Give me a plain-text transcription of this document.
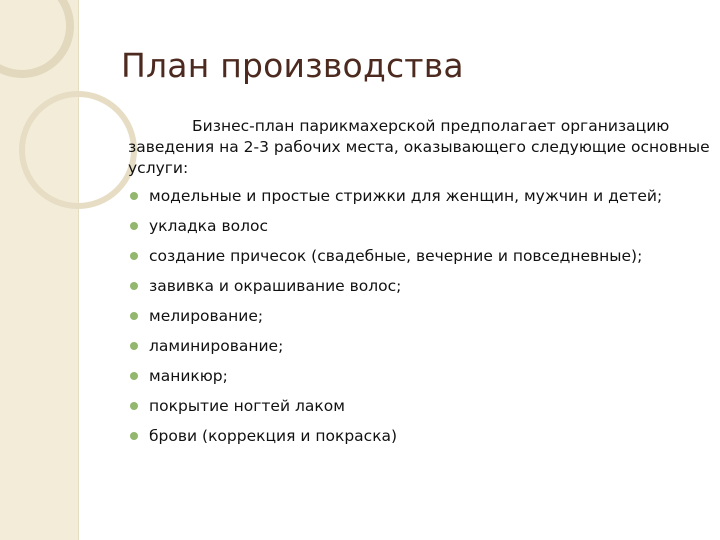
План производства

Бизнес-план парикмахерской предполагает организацию заведения на 2-3 рабочих места, оказывающего следующие основные услуги:

модельные и простые стрижки для женщин, мужчин и детей;
укладка волос
создание причесок (свадебные, вечерние и повседневные);
завивка и окрашивание волос;
мелирование;
ламинирование;
маникюр;
покрытие ногтей лаком
брови (коррекция и покраска)
